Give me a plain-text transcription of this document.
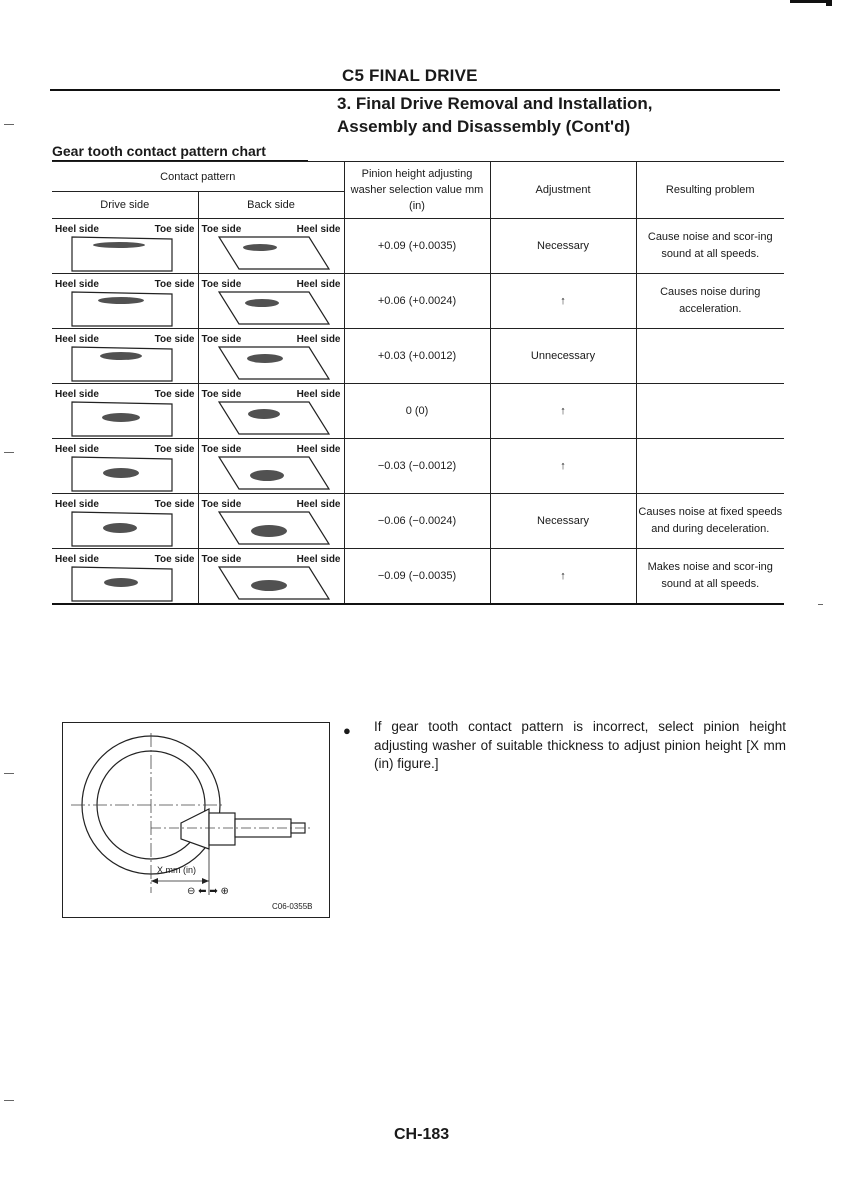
C5 FINAL DRIVE
3. Final Drive Removal and Installation,
Assembly and Disassembly (Cont'd)
Gear tooth contact pattern chart
Contact pattern		Pinion height adjusting washer selection value mm (in)	Adjustment	Resulting problem
Drive side	Back side			

Heel side Toe side	Toe side Heel side	+0.09 (+0.0035)	Necessary	Cause noise and scor-ing sound at all speeds.

Heel side Toe side	Toe side Heel side	+0.06 (+0.0024)	↑	Causes noise during acceleration.

Heel side Toe side	Toe side Heel side	+0.03 (+0.0012)	Unnecessary	

Heel side Toe side	Toe side Heel side	0 (0)	↑	

Heel side Toe side	Toe side Heel side	−0.03 (−0.0012)	↑	

Heel side Toe side	Toe side Heel side	−0.06 (−0.0024)	Necessary	Causes noise at fixed speeds and during deceleration.

Heel side Toe side	Toe side Heel side	−0.09 (−0.0035)	↑	Makes noise and scor-ing sound at all speeds.
X mm (in)
⊖ ⬅ ➡ ⊕
C06-0355B
● If gear tooth contact pattern is incorrect, select pinion height adjusting washer of suitable thickness to adjust pinion height [X mm (in) figure.]
CH-183
